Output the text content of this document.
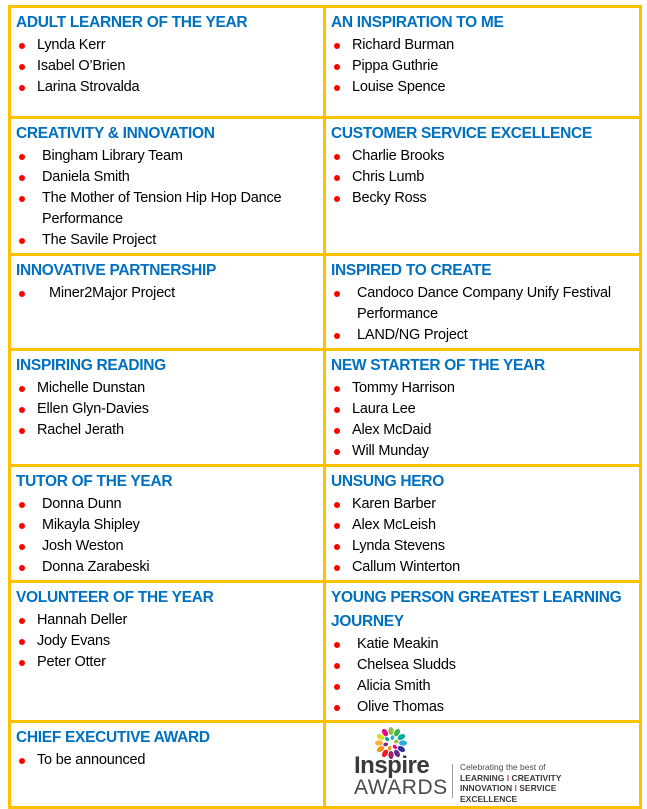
ADULT LEARNER OF THE YEAR
Lynda Kerr
Isabel O’Brien
Larina Strovalda

AN INSPIRATION TO ME
Richard Burman
Pippa Guthrie
Louise Spence

CREATIVITY & INNOVATION
Bingham Library Team
Daniela Smith
The Mother of Tension Hip Hop Dance Performance
The Savile Project

CUSTOMER SERVICE EXCELLENCE
Charlie Brooks
Chris Lumb
Becky Ross

INNOVATIVE PARTNERSHIP
Miner2Major Project

INSPIRED TO CREATE
Candoco Dance Company Unify Festival Performance
LAND/NG Project

INSPIRING READING
Michelle Dunstan
Ellen Glyn-Davies
Rachel Jerath

NEW STARTER OF THE YEAR
Tommy Harrison
Laura Lee
Alex McDaid
Will Munday

TUTOR OF THE YEAR
Donna Dunn
Mikayla Shipley
Josh Weston
Donna Zarabeski

UNSUNG HERO
Karen Barber
Alex McLeish
Lynda Stevens
Callum Winterton

VOLUNTEER OF THE YEAR
Hannah Deller
Jody Evans
Peter Otter

YOUNG PERSON GREATEST LEARNING JOURNEY
Katie Meakin
Chelsea Sludds
Alicia Smith
Olive Thomas

CHIEF EXECUTIVE AWARD
To be announced	Inspire
AWARDS
Celebrating the best of
LEARNING I CREATIVITY
INNOVATION I SERVICE
EXCELLENCE
